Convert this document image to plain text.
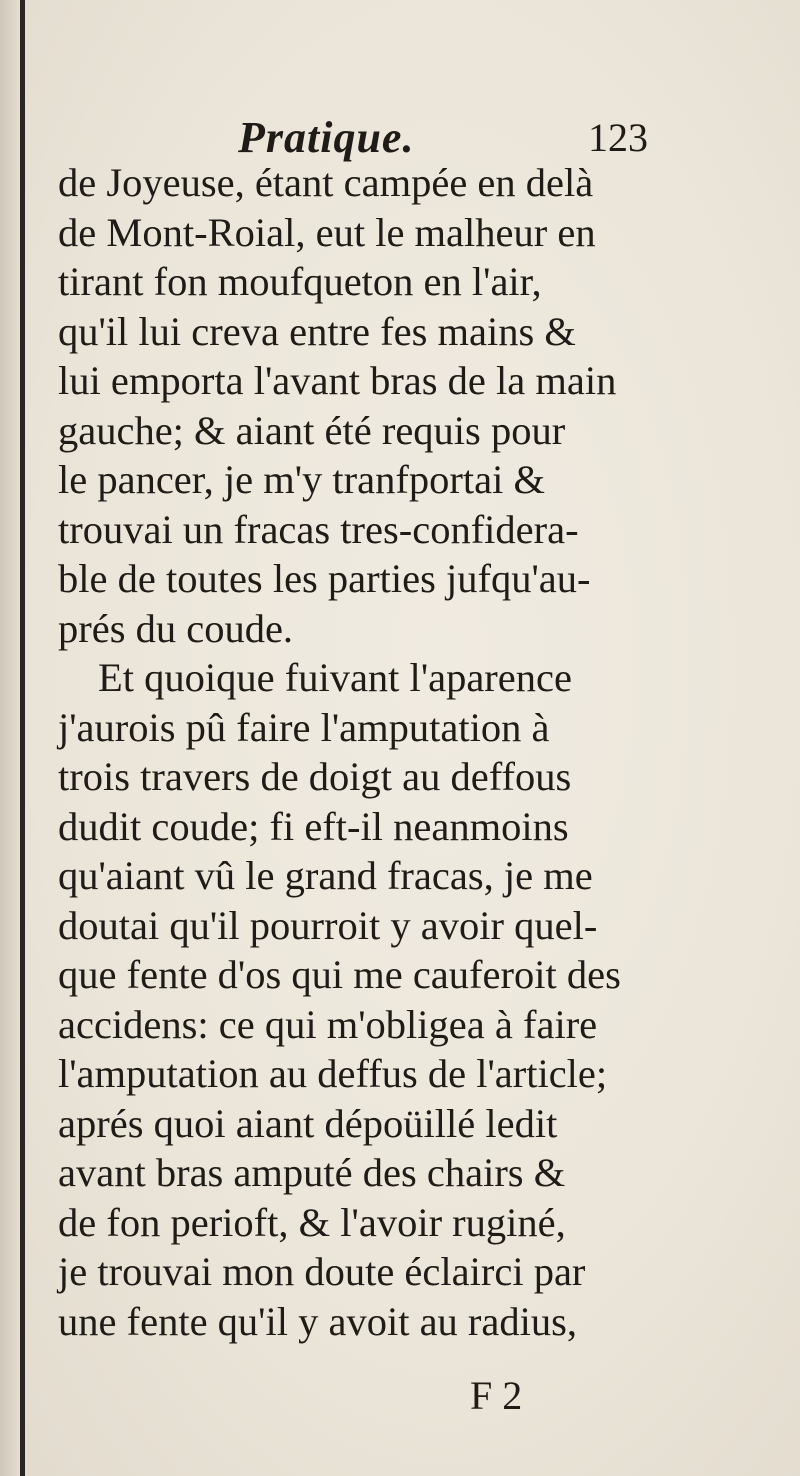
Pratique.	123
de Joyeuse, étant campée en delà
de Mont-Roial, eut le malheur en
tirant fon moufqueton en l'air,
qu'il lui creva entre fes mains &
lui emporta l'avant bras de la main
gauche; & aiant été requis pour
le pancer, je m'y tranfportai &
trouvai un fracas tres-confidera-
ble de toutes les parties jufqu'au-
prés du coude.
Et quoique fuivant l'aparence
j'aurois pû faire l'amputation à
trois travers de doigt au deffous
dudit coude; fi eft-il neanmoins
qu'aiant vû le grand fracas, je me
doutai qu'il pourroit y avoir quel-
que fente d'os qui me cauferoit des
accidens: ce qui m'obligea à faire
l'amputation au deffus de l'article;
aprés quoi aiant dépoüillé ledit
avant bras amputé des chairs &
de fon perioft, & l'avoir ruginé,
je trouvai mon doute éclairci par
une fente qu'il y avoit au radius,
F 2
